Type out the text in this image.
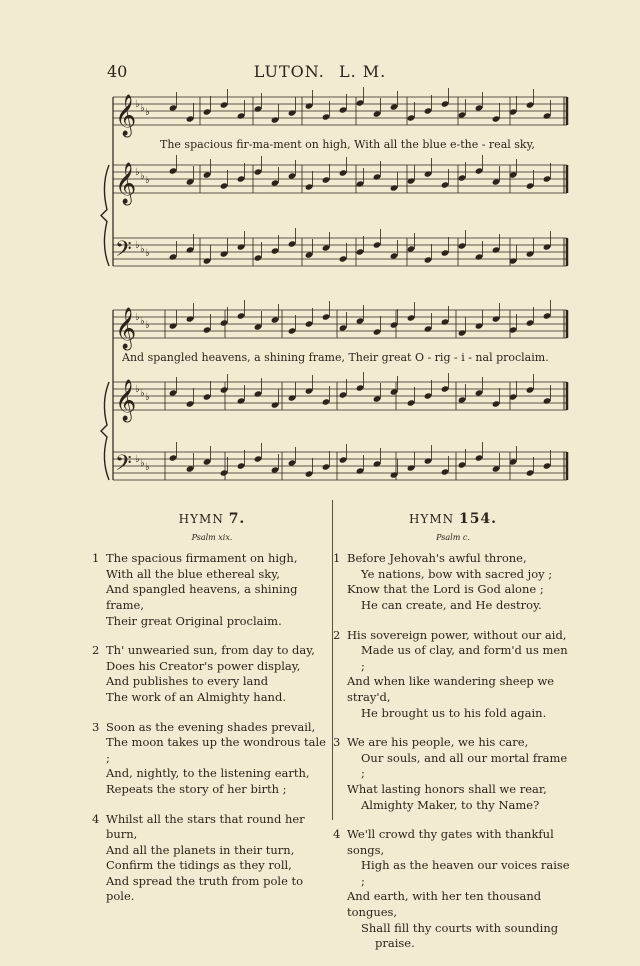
40	LUTON. L. M.
𝄞
♭ ♭ ♭
𝄞
♭ ♭ ♭
𝄢 ♭ ♭ ♭
𝄞
♭ ♭ ♭
𝄞
♭ ♭ ♭
𝄢 ♭ ♭ ♭
The spacious fir-ma-ment on high, With all the blue e-the - real sky,
And spangled heavens, a shining frame, Their great O - rig - i - nal proclaim.
HYMN 7.
Psalm xix.
1 The spacious firmament on high,
With all the blue ethereal sky,
And spangled heavens, a shining frame,
Their great Original proclaim.
2 Th' unwearied sun, from day to day,
Does his Creator's power display,
And publishes to every land
The work of an Almighty hand.
3 Soon as the evening shades prevail,
The moon takes up the wondrous tale ;
And, nightly, to the listening earth,
Repeats the story of her birth ;
4 Whilst all the stars that round her burn,
And all the planets in their turn,
Confirm the tidings as they roll,
And spread the truth from pole to pole.
HYMN 154.
Psalm c.
1 Before Jehovah's awful throne,
Ye nations, bow with sacred joy ;
Know that the Lord is God alone ;
He can create, and He destroy.
2 His sovereign power, without our aid,
Made us of clay, and form'd us men ;
And when like wandering sheep we stray'd,
He brought us to his fold again.
3 We are his people, we his care,
Our souls, and all our mortal frame ;
What lasting honors shall we rear,
Almighty Maker, to thy Name?
4 We'll crowd thy gates with thankful songs,
High as the heaven our voices raise ;
And earth, with her ten thousand tongues,
Shall fill thy courts with sounding
praise.
